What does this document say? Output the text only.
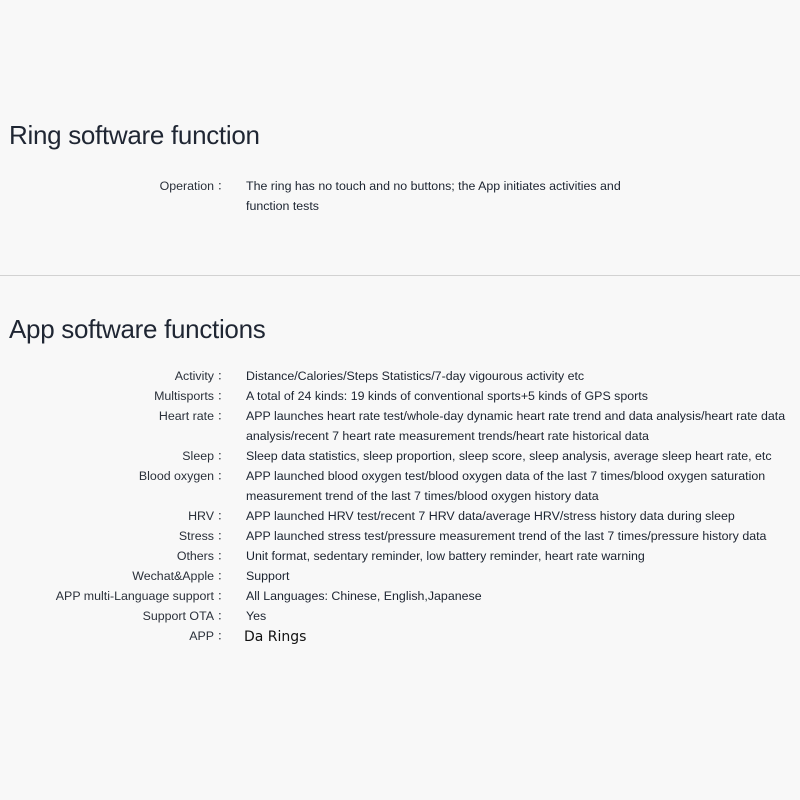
Ring software function
Operation ：	The ring has no touch and no buttons; the App initiates activities and function tests
App software functions
Activity ：	Distance/Calories/Steps Statistics/7-day vigourous activity etc
Multisports ：	A total of 24 kinds: 19 kinds of conventional sports+5 kinds of GPS sports
Heart rate ：	APP launches heart rate test/whole-day dynamic heart rate trend and data analysis/heart rate data analysis/recent 7 heart rate measurement trends/heart rate historical data
Sleep ：	Sleep data statistics, sleep proportion, sleep score, sleep analysis, average sleep heart rate, etc
Blood oxygen ：	APP launched blood oxygen test/blood oxygen data of the last 7 times/blood oxygen saturation measurement trend of the last 7 times/blood oxygen history data
HRV ：	APP launched HRV test/recent 7 HRV data/average HRV/stress history data during sleep
Stress ：	APP launched stress test/pressure measurement trend of the last 7 times/pressure history data
Others ：	Unit format, sedentary reminder, low battery reminder, heart rate warning
Wechat&Apple ：	Support
APP multi-Language support ：	All Languages: Chinese, English,Japanese
Support OTA ：	Yes
APP ：	Da Rings
